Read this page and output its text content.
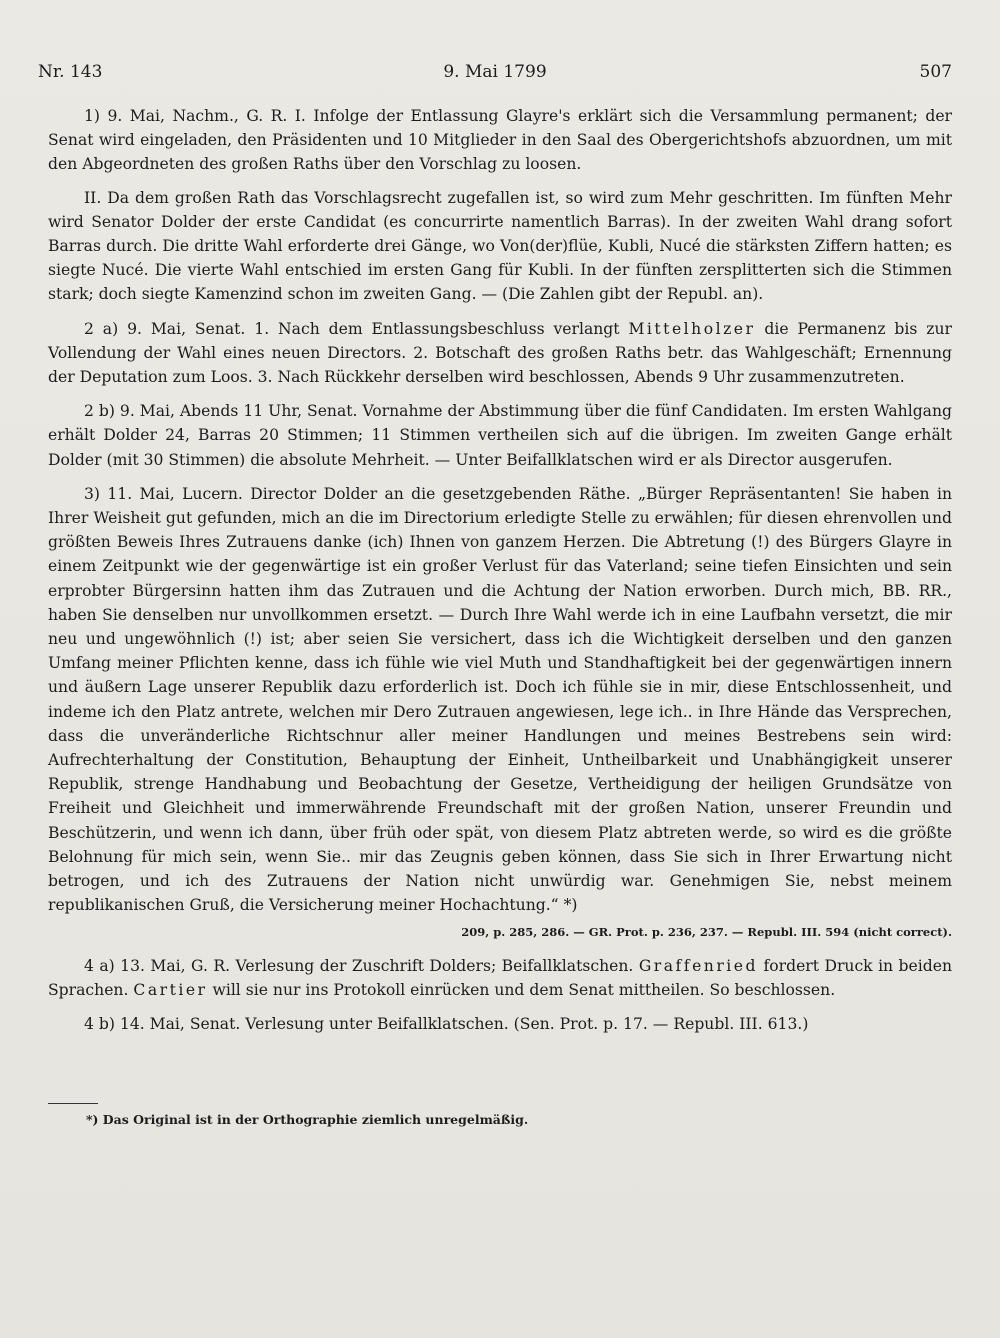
Nr. 143	9. Mai 1799	507

1) 9. Mai, Nachm., G. R. I. Infolge der Entlassung Glayre's erklärt sich die Versammlung permanent; der Senat wird eingeladen, den Präsidenten und 10 Mitglieder in den Saal des Obergerichtshofs abzuordnen, um mit den Abgeordneten des großen Raths über den Vorschlag zu loosen.

II. Da dem großen Rath das Vorschlagsrecht zugefallen ist, so wird zum Mehr geschritten. Im fünften Mehr wird Senator Dolder der erste Candidat (es concurrirte namentlich Barras). In der zweiten Wahl drang sofort Barras durch. Die dritte Wahl erforderte drei Gänge, wo Von(der)flüe, Kubli, Nucé die stärksten Ziffern hatten; es siegte Nucé. Die vierte Wahl entschied im ersten Gang für Kubli. In der fünften zersplitterten sich die Stimmen stark; doch siegte Kamenzind schon im zweiten Gang. — (Die Zahlen gibt der Republ. an).

2 a) 9. Mai, Senat. 1. Nach dem Entlassungsbeschluss verlangt Mittelholzer die Permanenz bis zur Vollendung der Wahl eines neuen Directors. 2. Botschaft des großen Raths betr. das Wahlgeschäft; Ernennung der Deputation zum Loos. 3. Nach Rückkehr derselben wird beschlossen, Abends 9 Uhr zusammenzutreten.

2 b) 9. Mai, Abends 11 Uhr, Senat. Vornahme der Abstimmung über die fünf Candidaten. Im ersten Wahlgang erhält Dolder 24, Barras 20 Stimmen; 11 Stimmen vertheilen sich auf die übrigen. Im zweiten Gange erhält Dolder (mit 30 Stimmen) die absolute Mehrheit. — Unter Beifallklatschen wird er als Director ausgerufen.

3) 11. Mai, Lucern. Director Dolder an die gesetzgebenden Räthe. „Bürger Repräsentanten! Sie haben in Ihrer Weisheit gut gefunden, mich an die im Directorium erledigte Stelle zu erwählen; für diesen ehrenvollen und größten Beweis Ihres Zutrauens danke (ich) Ihnen von ganzem Herzen. Die Abtretung (!) des Bürgers Glayre in einem Zeitpunkt wie der gegenwärtige ist ein großer Verlust für das Vaterland; seine tiefen Einsichten und sein erprobter Bürgersinn hatten ihm das Zutrauen und die Achtung der Nation erworben. Durch mich, BB. RR., haben Sie denselben nur unvollkommen ersetzt. — Durch Ihre Wahl werde ich in eine Laufbahn versetzt, die mir neu und ungewöhnlich (!) ist; aber seien Sie versichert, dass ich die Wichtigkeit derselben und den ganzen Umfang meiner Pflichten kenne, dass ich fühle wie viel Muth und Standhaftigkeit bei der gegenwärtigen innern und äußern Lage unserer Republik dazu erforderlich ist. Doch ich fühle sie in mir, diese Entschlossenheit, und indeme ich den Platz antrete, welchen mir Dero Zutrauen angewiesen, lege ich.. in Ihre Hände das Versprechen, dass die unveränderliche Richtschnur aller meiner Handlungen und meines Bestrebens sein wird: Aufrechterhaltung der Constitution, Behauptung der Einheit, Untheilbarkeit und Unabhängigkeit unserer Republik, strenge Handhabung und Beobachtung der Gesetze, Vertheidigung der heiligen Grundsätze von Freiheit und Gleichheit und immerwährende Freundschaft mit der großen Nation, unserer Freundin und Beschützerin, und wenn ich dann, über früh oder spät, von diesem Platz abtreten werde, so wird es die größte Belohnung für mich sein, wenn Sie.. mir das Zeugnis geben können, dass Sie sich in Ihrer Erwartung nicht betrogen, und ich des Zutrauens der Nation nicht unwürdig war. Genehmigen Sie, nebst meinem republikanischen Gruß, die Versicherung meiner Hochachtung.“ *)

209, p. 285, 286. — GR. Prot. p. 236, 237. — Republ. III. 594 (nicht correct).

4 a) 13. Mai, G. R. Verlesung der Zuschrift Dolders; Beifallklatschen. Graffenried fordert Druck in beiden Sprachen. Cartier will sie nur ins Protokoll einrücken und dem Senat mittheilen. So beschlossen.

4 b) 14. Mai, Senat. Verlesung unter Beifallklatschen. (Sen. Prot. p. 17. — Republ. III. 613.)

*) Das Original ist in der Orthographie ziemlich unregelmäßig.
